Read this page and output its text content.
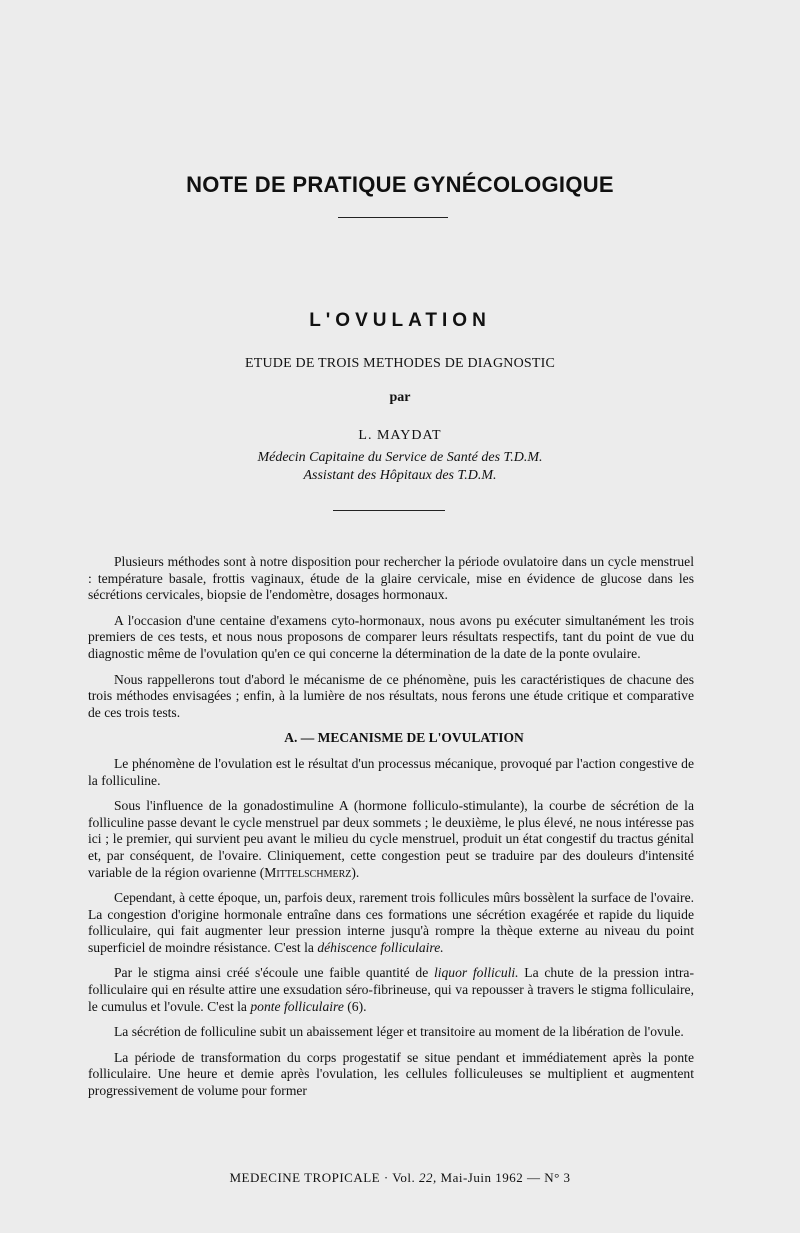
NOTE DE PRATIQUE GYNÉCOLOGIQUE
L'OVULATION
ETUDE DE TROIS METHODES DE DIAGNOSTIC
par
L. MAYDAT
Médecin Capitaine du Service de Santé des T.D.M.
Assistant des Hôpitaux des T.D.M.

Plusieurs méthodes sont à notre disposition pour rechercher la période ovulatoire dans un cycle menstruel : température basale, frottis vaginaux, étude de la glaire cervicale, mise en évidence de glucose dans les sécrétions cervicales, biopsie de l'endomètre, dosages hormonaux.

A l'occasion d'une centaine d'examens cyto-hormonaux, nous avons pu exécuter simultanément les trois premiers de ces tests, et nous nous proposons de comparer leurs résultats respectifs, tant du point de vue du diagnostic même de l'ovulation qu'en ce qui concerne la détermination de la date de la ponte ovulaire.

Nous rappellerons tout d'abord le mécanisme de ce phénomène, puis les caractéristiques de chacune des trois méthodes envisagées ; enfin, à la lumière de nos résultats, nous ferons une étude critique et comparative de ces trois tests.

A. — MECANISME DE L'OVULATION

Le phénomène de l'ovulation est le résultat d'un processus mécanique, provoqué par l'action congestive de la folliculine.

Sous l'influence de la gonadostimuline A (hormone folliculo-stimulante), la courbe de sécrétion de la folliculine passe devant le cycle menstruel par deux sommets ; le deuxième, le plus élevé, ne nous intéresse pas ici ; le premier, qui survient peu avant le milieu du cycle menstruel, produit un état congestif du tractus génital et, par conséquent, de l'ovaire. Cliniquement, cette congestion peut se traduire par des douleurs d'intensité variable de la région ovarienne (Mittelschmerz).

Cependant, à cette époque, un, parfois deux, rarement trois follicules mûrs bossèlent la surface de l'ovaire. La congestion d'origine hormonale entraîne dans ces formations une sécrétion exagérée et rapide du liquide folliculaire, qui fait augmenter leur pression interne jusqu'à rompre la thèque externe au niveau du point superficiel de moindre résistance. C'est la déhiscence folliculaire.

Par le stigma ainsi créé s'écoule une faible quantité de liquor folliculi. La chute de la pression intra-folliculaire qui en résulte attire une exsudation séro-fibrineuse, qui va repousser à travers le stigma folliculaire, le cumulus et l'ovule. C'est la ponte folliculaire (6).

La sécrétion de folliculine subit un abaissement léger et transitoire au moment de la libération de l'ovule.

La période de transformation du corps progestatif se situe pendant et immédiatement après la ponte folliculaire. Une heure et demie après l'ovulation, les cellules folliculeuses se multiplient et augmentent progressivement de volume pour former

MEDECINE TROPICALE · Vol. 22, Mai-Juin 1962 — N° 3
